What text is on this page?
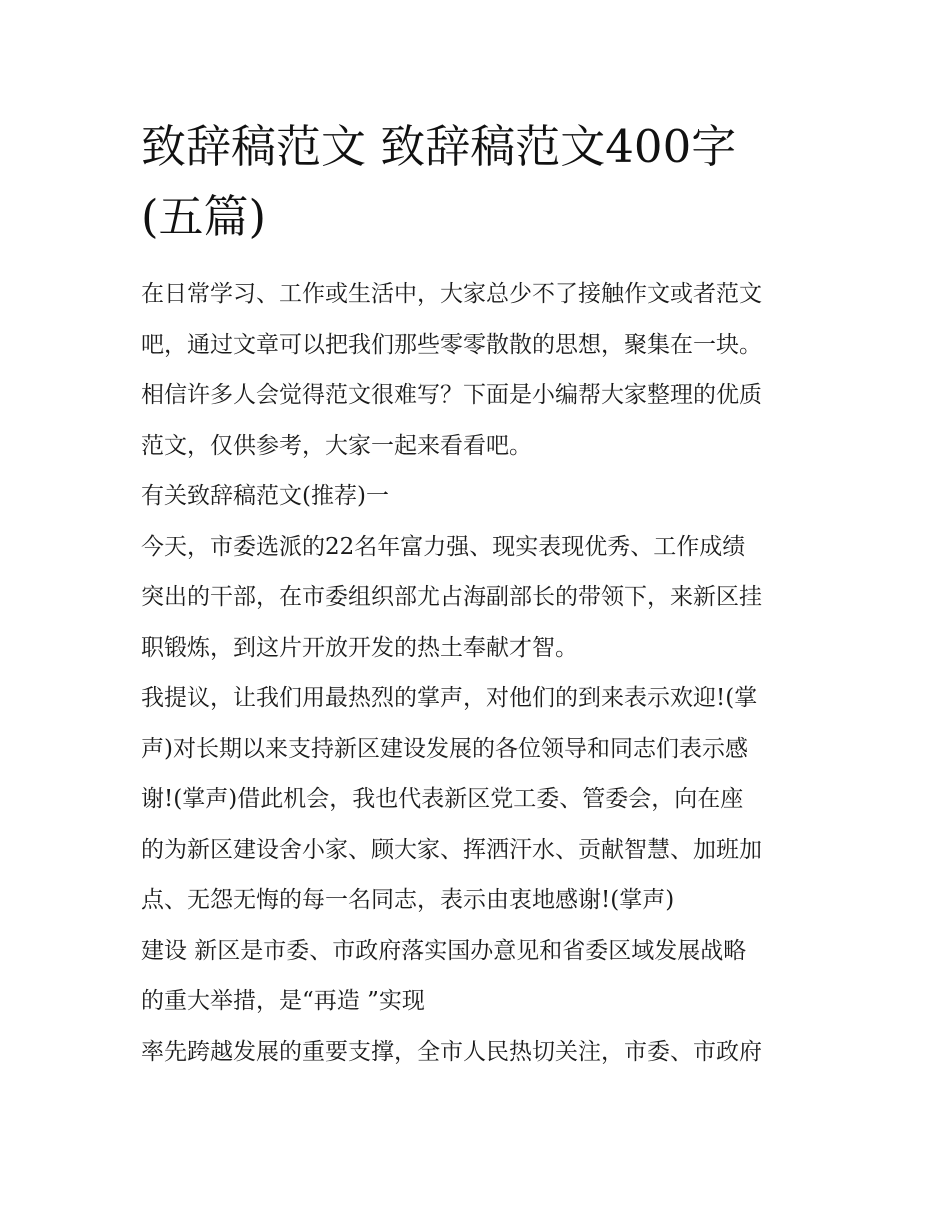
致辞稿范文 致辞稿范文400字
(五篇)
在日常学习、工作或生活中，大家总少不了接触作文或者范文
吧，通过文章可以把我们那些零零散散的思想，聚集在一块。
相信许多人会觉得范文很难写？下面是小编帮大家整理的优质
范文，仅供参考，大家一起来看看吧。
有关致辞稿范文(推荐)一
今天，市委选派的22名年富力强、现实表现优秀、工作成绩
突出的干部，在市委组织部尤占海副部长的带领下，来新区挂
职锻炼，到这片开放开发的热土奉献才智。
我提议，让我们用最热烈的掌声，对他们的到来表示欢迎!(掌
声)对长期以来支持新区建设发展的各位领导和同志们表示感
谢!(掌声)借此机会，我也代表新区党工委、管委会，向在座
的为新区建设舍小家、顾大家、挥洒汗水、贡献智慧、加班加
点、无怨无悔的每一名同志，表示由衷地感谢!(掌声)
建设 新区是市委、市政府落实国办意见和省委区域发展战略
的重大举措，是“再造 ”实现
率先跨越发展的重要支撑，全市人民热切关注，市委、市政府
